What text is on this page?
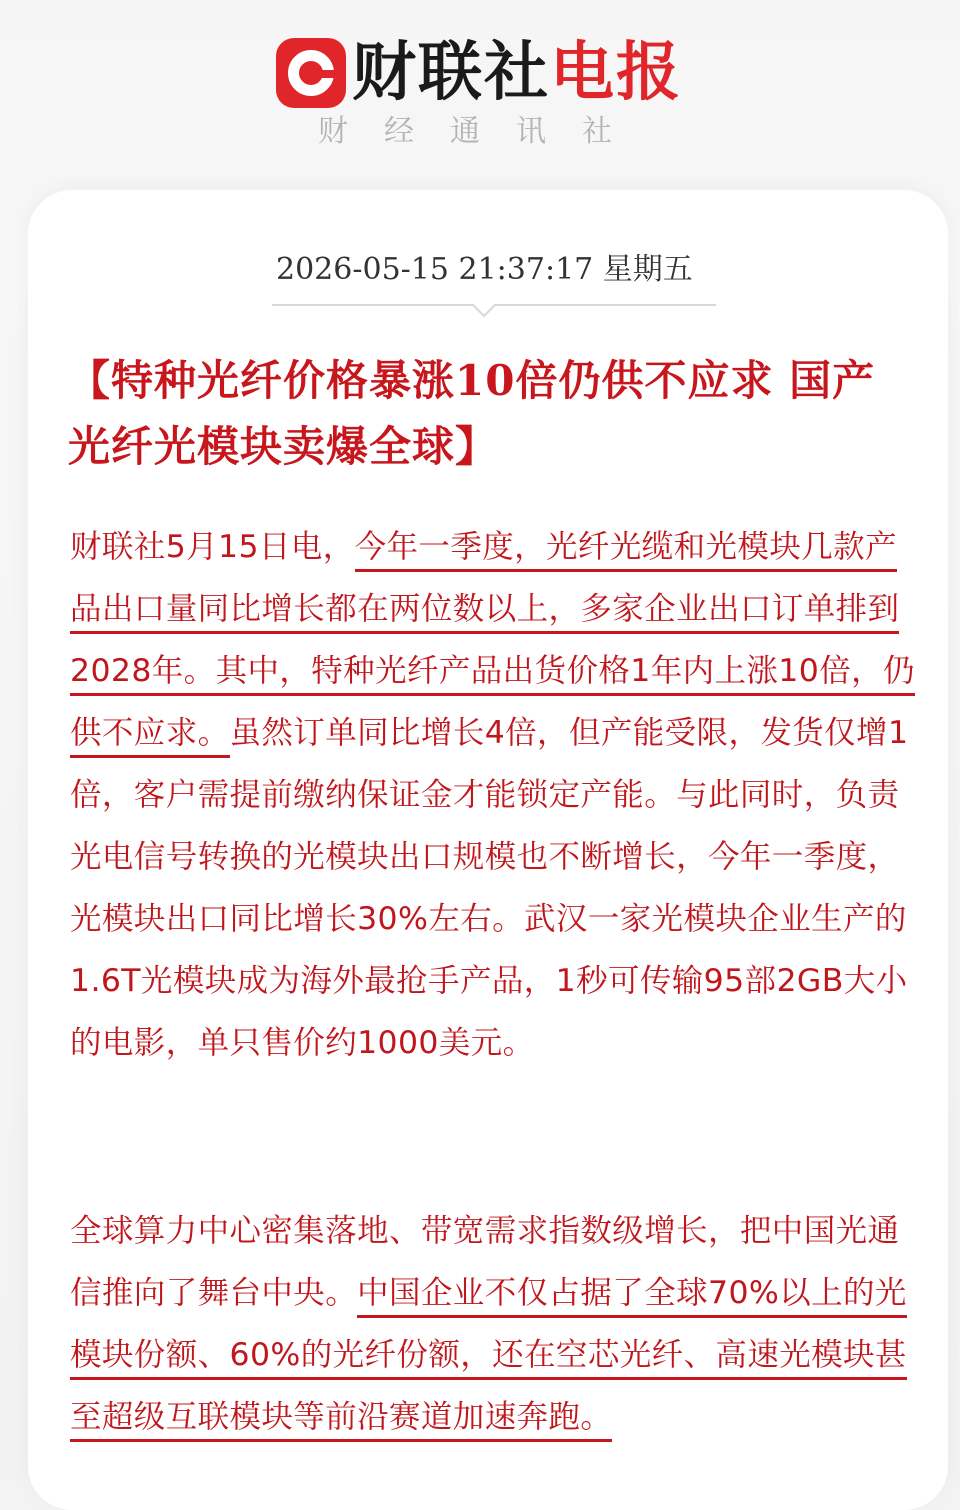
财联社电报
财经通讯社
2026-05-15 21:37:17 星期五
【特种光纤价格暴涨10倍仍供不应求 国产光纤光模块卖爆全球】
财联社5月15日电，今年一季度，光纤光缆和光模块几款产品出口量同比增长都在两位数以上，多家企业出口订单排到2028年。其中，特种光纤产品出货价格1年内上涨10倍，仍供不应求。虽然订单同比增长4倍，但产能受限，发货仅增1倍，客户需提前缴纳保证金才能锁定产能。与此同时，负责光电信号转换的光模块出口规模也不断增长，今年一季度，光模块出口同比增长30%左右。武汉一家光模块企业生产的1.6T光模块成为海外最抢手产品，1秒可传输95部2GB大小的电影，单只售价约1000美元。
全球算力中心密集落地、带宽需求指数级增长，把中国光通信推向了舞台中央。中国企业不仅占据了全球70%以上的光模块份额、60%的光纤份额，还在空芯光纤、高速光模块甚至超级互联模块等前沿赛道加速奔跑。
